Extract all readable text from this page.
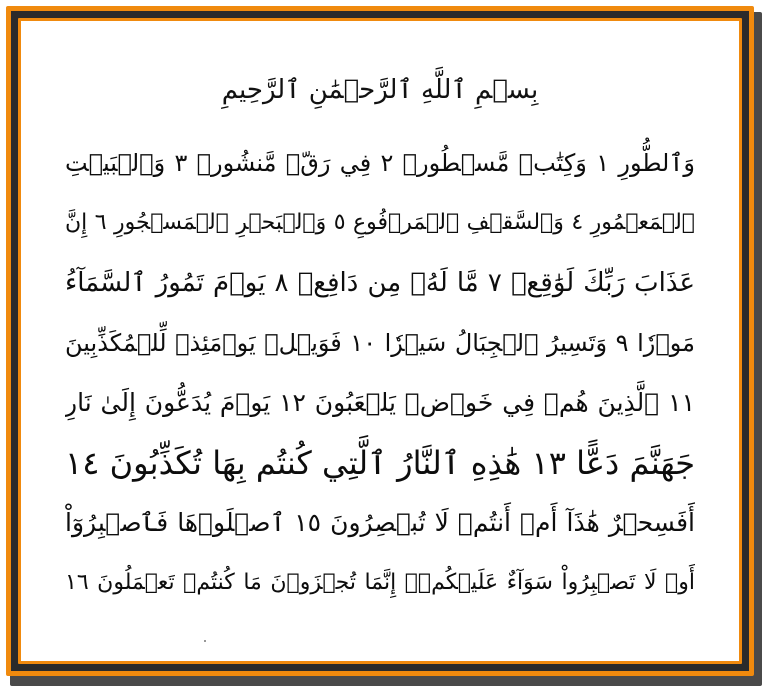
بِسۡمِ ٱللَّهِ ٱلرَّحۡمَٰنِ ٱلرَّحِيمِ
وَٱلطُّورِ ١ وَكِتَٰبٖ مَّسۡطُورٖ ٢ فِي رَقّٖ مَّنشُورٖ ٣ وَٱلۡبَيۡتِ
ٱلۡمَعۡمُورِ ٤ وَٱلسَّقۡفِ ٱلۡمَرۡفُوعِ ٥ وَٱلۡبَحۡرِ ٱلۡمَسۡجُورِ ٦ إِنَّ
عَذَابَ رَبِّكَ لَوَٰقِعٞ ٧ مَّا لَهُۥ مِن دَافِعٖ ٨ يَوۡمَ تَمُورُ ٱلسَّمَآءُ
مَوۡرٗا ٩ وَتَسِيرُ ٱلۡجِبَالُ سَيۡرٗا ١٠ فَوَيۡلٞ يَوۡمَئِذٖ لِّلۡمُكَذِّبِينَ
١١ ٱلَّذِينَ هُمۡ فِي خَوۡضٖ يَلۡعَبُونَ ١٢ يَوۡمَ يُدَعُّونَ إِلَىٰ نَارِ
جَهَنَّمَ دَعًّا ١٣ هَٰذِهِ ٱلنَّارُ ٱلَّتِي كُنتُم بِهَا تُكَذِّبُونَ ١٤
أَفَسِحۡرٌ هَٰذَآ أَمۡ أَنتُمۡ لَا تُبۡصِرُونَ ١٥ ٱصۡلَوۡهَا فَٱصۡبِرُوٓاْ
أَوۡ لَا تَصۡبِرُواْ سَوَآءٌ عَلَيۡكُمۡۖ إِنَّمَا تُجۡزَوۡنَ مَا كُنتُمۡ تَعۡمَلُونَ ١٦
